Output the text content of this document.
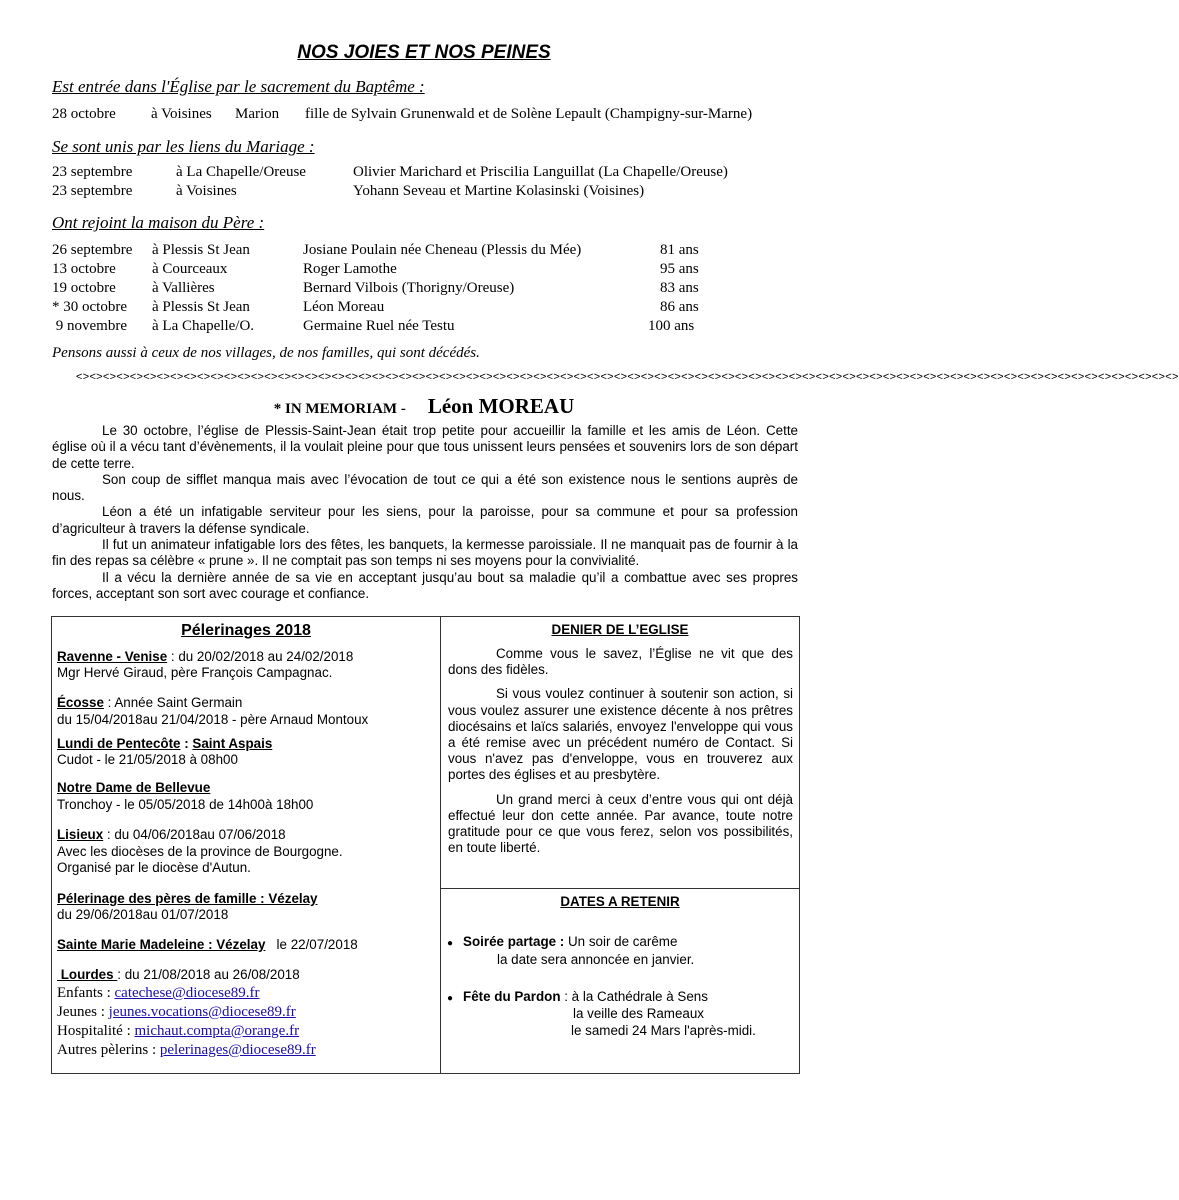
NOS JOIES ET NOS PEINES
Est entrée dans l'Église par le sacrement du Baptême :
28 octobre à Voisines Marion fille de Sylvain Grunenwald et de Solène Lepault (Champigny-sur-Marne)
Se sont unis par les liens du Mariage :
23 septembre	à La Chapelle/Oreuse	Olivier Marichard et Priscilia Languillat (La Chapelle/Oreuse)
23 septembre	à Voisines	Yohann Seveau et Martine Kolasinski (Voisines)
Ont rejoint la maison du Père :
26 septembre à Plessis St Jean	Josiane Poulain née Cheneau (Plessis du Mée)	81 ans
13 octobre à Courceaux	Roger Lamothe	95 ans
19 octobre à Vallières	Bernard Vilbois (Thorigny/Oreuse)	83 ans
* 30 octobre à Plessis St Jean	Léon Moreau	86 ans
9 novembre à La Chapelle/O.	Germaine Ruel née Testu	100 ans
Pensons aussi à ceux de nos villages, de nos familles, qui sont décédés.
<><><><><><><><><><><><><><><><><><><><><><><><><><><><><><><><><><><><><><><><><><><><><><><><><><><><><><><><><><><><><><><><><><><><><><><><><><><><><><><><><><>
* IN MEMORIAM - Léon MOREAU

Le 30 octobre, l’église de Plessis-Saint-Jean était trop petite pour accueillir la famille et les amis de Léon. Cette église où il a vécu tant d’évènements, il la voulait pleine pour que tous unissent leurs pensées et souvenirs lors de son départ de cette terre.

Son coup de sifflet manqua mais avec l’évocation de tout ce qui a été son existence nous le sentions auprès de nous.

Léon a été un infatigable serviteur pour les siens, pour la paroisse, pour sa commune et pour sa profession d’agriculteur à travers la défense syndicale.

Il fut un animateur infatigable lors des fêtes, les banquets, la kermesse paroissiale. Il ne manquait pas de fournir à la fin des repas sa célèbre « prune ». Il ne comptait pas son temps ni ses moyens pour la convivialité.

Il a vécu la dernière année de sa vie en acceptant jusqu’au bout sa maladie qu’il a combattue avec ses propres forces, acceptant son sort avec courage et confiance.

Pélerinages 2018
Ravenne - Venise : du 20/02/2018 au 24/02/2018
Mgr Hervé Giraud, père François Campagnac.
Écosse : Année Saint Germain
du 15/04/2018au 21/04/2018 - père Arnaud Montoux
Lundi de Pentecôte : Saint Aspais
Cudot - le 21/05/2018 à 08h00
Notre Dame de Bellevue
Tronchoy - le 05/05/2018 de 14h00à 18h00
Lisieux : du 04/06/2018au 07/06/2018
Avec les diocèses de la province de Bourgogne.
Organisé par le diocèse d'Autun.
Pélerinage des pères de famille : Vézelay
du 29/06/2018au 01/07/2018
Sainte Marie Madeleine : Vézelay   le 22/07/2018
Lourdes : du 21/08/2018 au 26/08/2018
Enfants : catechese@diocese89.fr
Jeunes : jeunes.vocations@diocese89.fr
Hospitalité : michaut.compta@orange.fr
Autres pèlerins : pelerinages@diocese89.fr
DENIER DE L’EGLISE

Comme vous le savez, l’Église ne vit que des dons des fidèles.

Si vous voulez continuer à soutenir son action, si vous voulez assurer une existence décente à nos prêtres diocésains et laïcs salariés, envoyez l'enveloppe qui vous a été remise avec un précédent numéro de Contact. Si vous n'avez pas d'enveloppe, vous en trouverez aux portes des églises et au presbytère.

Un grand merci à ceux d’entre vous qui ont déjà effectué leur don cette année. Par avance, toute notre gratitude pour ce que vous ferez, selon vos possibilités, en toute liberté.

DATES A RETENIR
● Soirée partage : Un soir de carême
la date sera annoncée en janvier.
● Fête du Pardon : à la Cathédrale à Sens
la veille des Rameaux
le samedi 24 Mars l'après-midi.
